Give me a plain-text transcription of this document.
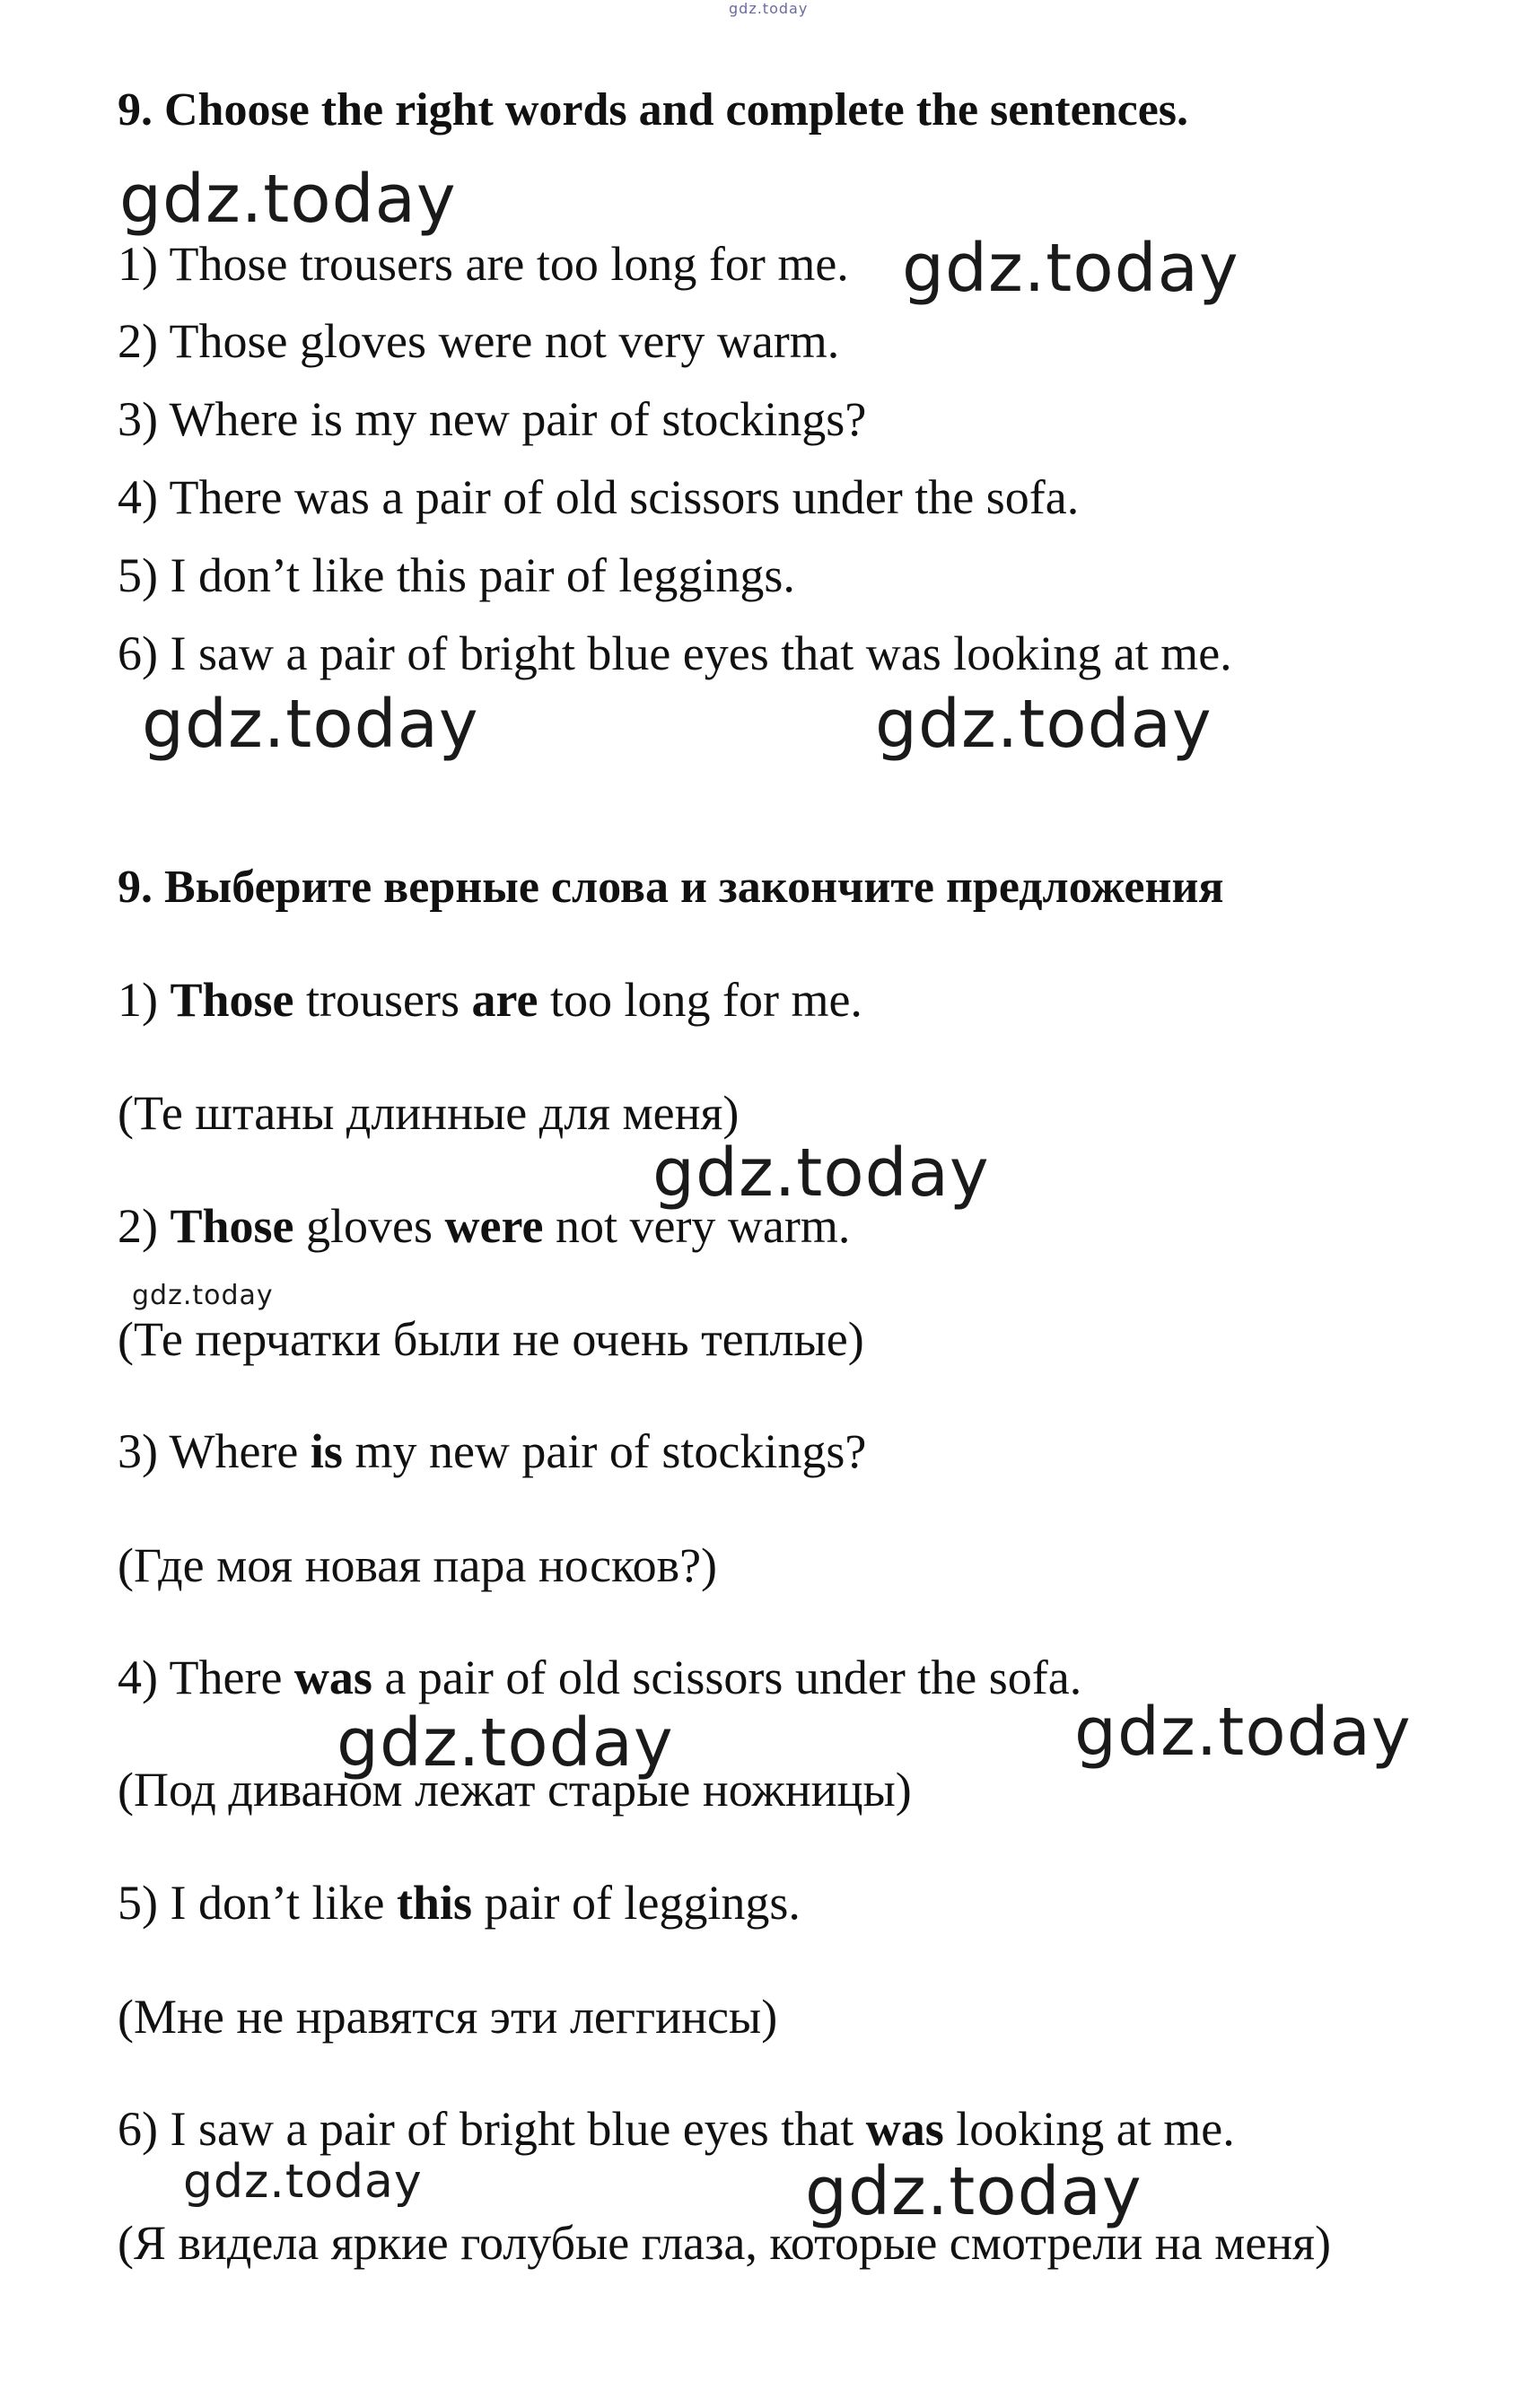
gdz.today
9. Choose the right words and complete the sentences.
gdz.today

1) Those trousers are too long for me. gdz.today

2) Those gloves were not very warm.

3) Where is my new pair of stockings?

4) There was a pair of old scissors under the sofa.

5) I don’t like this pair of leggings.

6) I saw a pair of bright blue eyes that was looking at me.

gdz.today	gdz.today
9. Выберите верные слова и закончите предложения

1) Those trousers are too long for me.

(Те штаны длинные для меня)

gdz.today

2) Those gloves were not very warm.

gdz.today

(Те перчатки были не очень теплые)

3) Where is my new pair of stockings?

(Где моя новая пара носков?)

4) There was a pair of old scissors under the sofa.

gdz.today	gdz.today

(Под диваном лежат старые ножницы)

5) I don’t like this pair of leggings.

(Мне не нравятся эти леггинсы)

6) I saw a pair of bright blue eyes that was looking at me.

gdz.today	gdz.today

(Я видела яркие голубые глаза, которые смотрели на меня)
